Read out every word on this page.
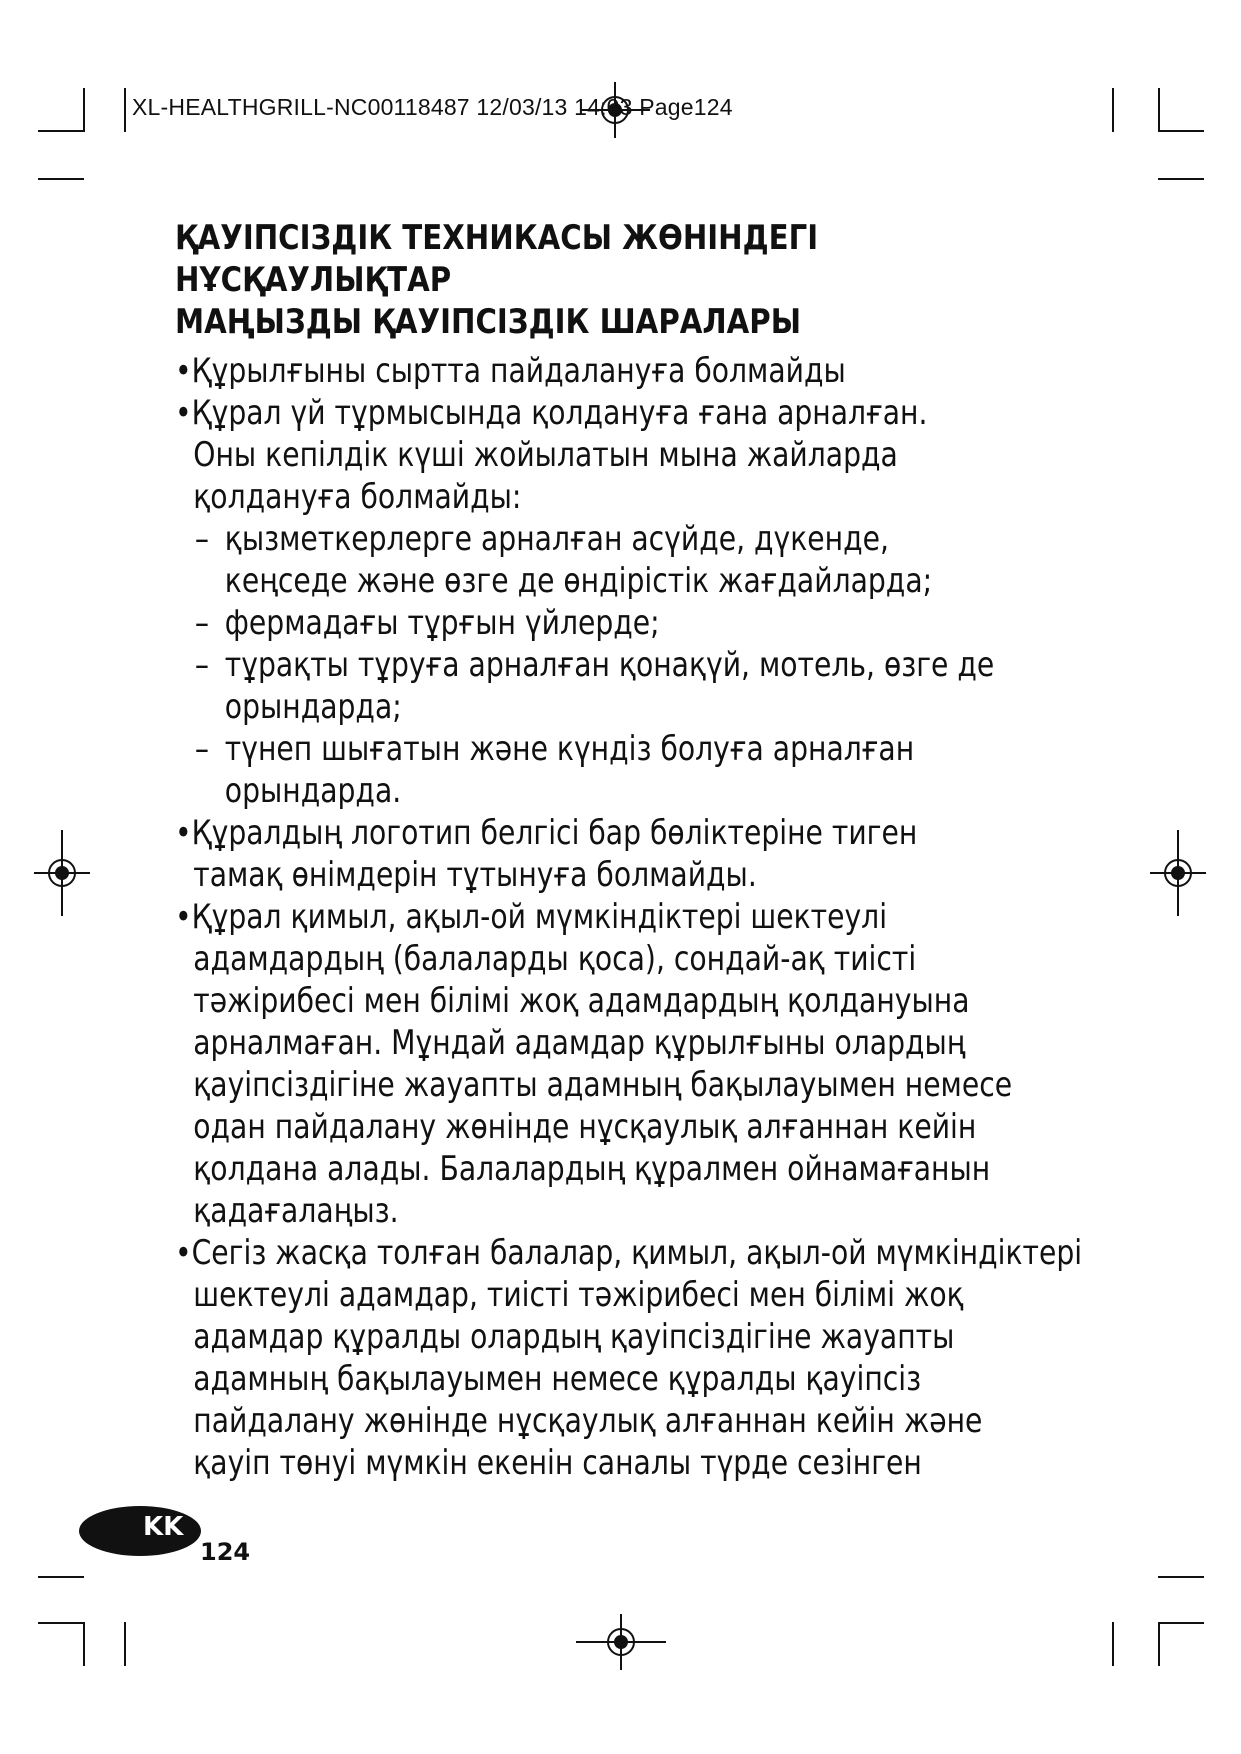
XL-HEALTHGRILL-NC00118487 12/03/13 14:03 Page124
ҚАУІПСІЗДІК ТЕХНИКАСЫ ЖӨНІНДЕГІ
НҰСҚАУЛЫҚТАР
МАҢЫЗДЫ ҚАУІПСІЗДІК ШАРАЛАРЫ
•Құрылғыны сыртта пайдалануға болмайды
•Құрал үй тұрмысында қолдануға ғана арналған.
Оны кепілдік күші жойылатын мына жайларда
қолдануға болмайды:
– қызметкерлерге арналған асүйде, дүкенде,
кеңседе және өзге де өндірістік жағдайларда;
– фермадағы тұрғын үйлерде;
– тұрақты тұруға арналған қонақүй, мотель, өзге де
орындарда;
– түнеп шығатын және күндіз болуға арналған
орындарда.
•Құралдың логотип белгісі бар бөліктеріне тиген
тамақ өнімдерін тұтынуға болмайды.
•Құрал қимыл, ақыл-ой мүмкіндіктері шектеулі
адамдардың (балаларды қоса), сондай-ақ тиісті
тәжірибесі мен білімі жоқ адамдардың қолдануына
арналмаған. Мұндай адамдар құрылғыны олардың
қауіпсіздігіне жауапты адамның бақылауымен немесе
одан пайдалану жөнінде нұсқаулық алғаннан кейін
қолдана алады. Балалардың құралмен ойнамағанын
қадағалаңыз.
•Сегіз жасқа толған балалар, қимыл, ақыл-ой мүмкіндіктері
шектеулі адамдар, тиісті тәжірибесі мен білімі жоқ
адамдар құралды олардың қауіпсіздігіне жауапты
адамның бақылауымен немесе құралды қауіпсіз
пайдалану жөнінде нұсқаулық алғаннан кейін және
қауіп төнуі мүмкін екенін саналы түрде сезінген
KK
124
